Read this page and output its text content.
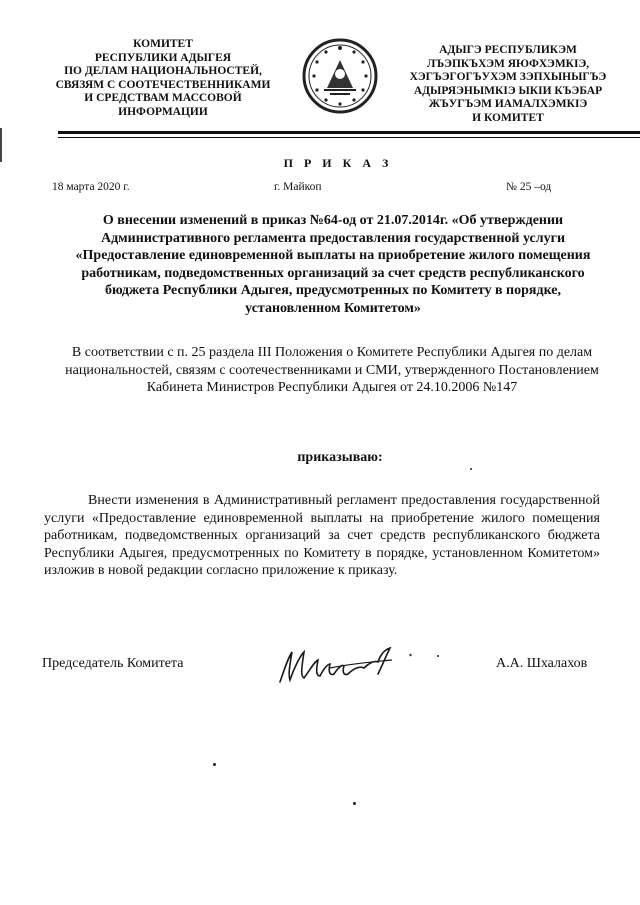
КОМИТЕТ
РЕСПУБЛИКИ АДЫГЕЯ
ПО ДЕЛАМ НАЦИОНАЛЬНОСТЕЙ,
СВЯЗЯМ С СООТЕЧЕСТВЕННИКАМИ
И СРЕДСТВАМ МАССОВОЙ
ИНФОРМАЦИИ
АДЫГЭ РЕСПУБЛИКЭМ
ЛЪЭПКЪХЭМ ЯЮФХЭМКIЭ,
ХЭГЪЭГОГЪУХЭМ ЗЭПХЫНЫГЪЭ
АДЫРЯЭНЫМКIЭ ЫКIИ КЪЭБАР
ЖЪУГЪЭМ ИАМАЛХЭМКIЭ
И КОМИТЕТ
П Р И К А З
18 марта 2020 г.	г. Майкоп	№ 25 –од
О внесении изменений в приказ №64-од от 21.07.2014г. «Об утверждении Административного регламента предоставления государственной услуги «Предоставление единовременной выплаты на приобретение жилого помещения работникам, подведомственных организаций за счет средств республиканского бюджета Республики Адыгея, предусмотренных по Комитету в порядке, установленном Комитетом»
В соответствии с п. 25 раздела III Положения о Комитете Республики Адыгея по делам национальностей, связям с соотечественниками и СМИ, утвержденного Постановлением Кабинета Министров Республики Адыгея от 24.10.2006 №147
приказываю:
Внести изменения в Административный регламент предоставления государственной услуги «Предоставление единовременной выплаты на приобретение жилого помещения работникам, подведомственных организаций за счет средств республиканского бюджета Республики Адыгея, предусмотренных по Комитету в порядке, установленном Комитетом» изложив в новой редакции согласно приложение к приказу.
Председатель Комитета	А.А. Шхалахов
